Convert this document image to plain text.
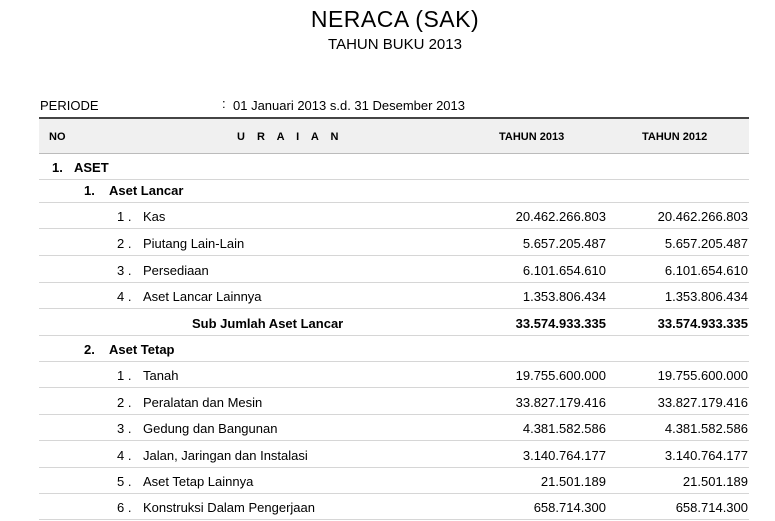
NERACA (SAK)
TAHUN BUKU 2013
PERIODE	: 01 Januari 2013 s.d. 31 Desember 2013
NO	U R A I A N	TAHUN 2013	TAHUN 2012
1. ASET
1. Aset Lancar
1 . Kas	20.462.266.803	20.462.266.803
2 . Piutang Lain-Lain	5.657.205.487	5.657.205.487
3 . Persediaan	6.101.654.610	6.101.654.610
4 . Aset Lancar Lainnya	1.353.806.434	1.353.806.434
Sub Jumlah Aset Lancar	33.574.933.335	33.574.933.335
2. Aset Tetap
1 . Tanah	19.755.600.000	19.755.600.000
2 . Peralatan dan Mesin	33.827.179.416	33.827.179.416
3 . Gedung dan Bangunan	4.381.582.586	4.381.582.586
4 . Jalan, Jaringan dan Instalasi	3.140.764.177	3.140.764.177
5 . Aset Tetap Lainnya	21.501.189	21.501.189
6 . Konstruksi Dalam Pengerjaan	658.714.300	658.714.300
